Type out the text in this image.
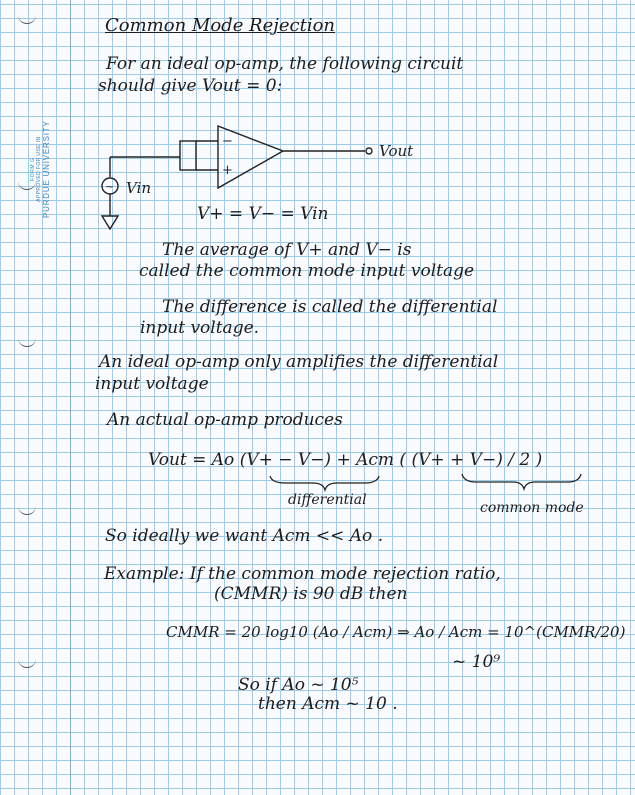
FORM G APPROVED FOR USE IN PURDUE UNIVERSITY

Common Mode Rejection

For an ideal op-amp, the following circuit

should give Vout = 0:

−
+
Vout
~ Vin

V+ = V− = Vin

The average of V+ and V− is

called the common mode input voltage

The difference is called the differential

input voltage.

An ideal op-amp only amplifies the differential

input voltage

An actual op-amp produces

Vout = Ao (V+ − V−) + Acm ( (V+ + V−) / 2 )

differential	common mode

So ideally we want Acm << Ao .

Example: If the common mode rejection ratio,

(CMMR) is 90 dB then

CMMR = 20 log10 (Ao / Acm) ⇒ Ao / Acm = 10^(CMMR/20)

~ 10⁹

So if Ao ~ 10⁵

then Acm ~ 10 .
